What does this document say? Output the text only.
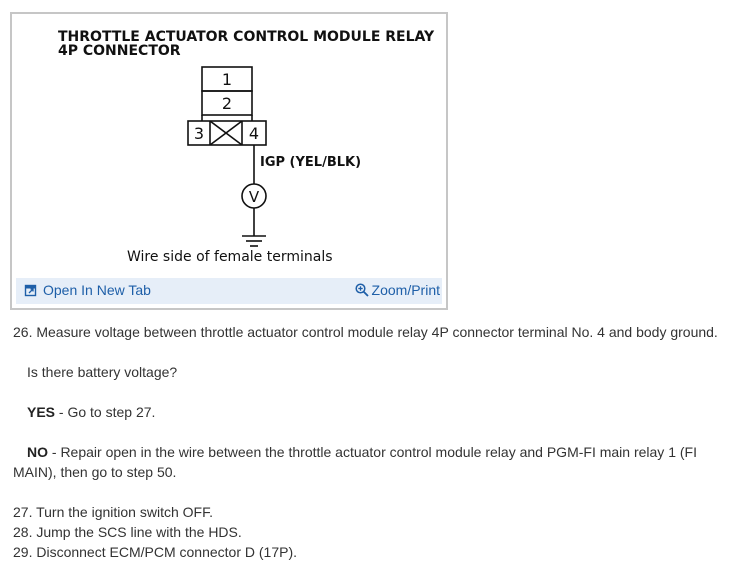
THROTTLE ACTUATOR CONTROL MODULE RELAY
4P CONNECTOR
1
2
3	4
V
IGP (YEL/BLK)
Wire side of female terminals
Open In New Tab	Zoom/Print

26. Measure voltage between throttle actuator control module relay 4P connector terminal No. 4 and body ground.

Is there battery voltage?

YES - Go to step 27.

NO - Repair open in the wire between the throttle actuator control module relay and PGM-FI main relay 1 (FI MAIN), then go to step 50.

27. Turn the ignition switch OFF.

28. Jump the SCS line with the HDS.

29. Disconnect ECM/PCM connector D (17P).
